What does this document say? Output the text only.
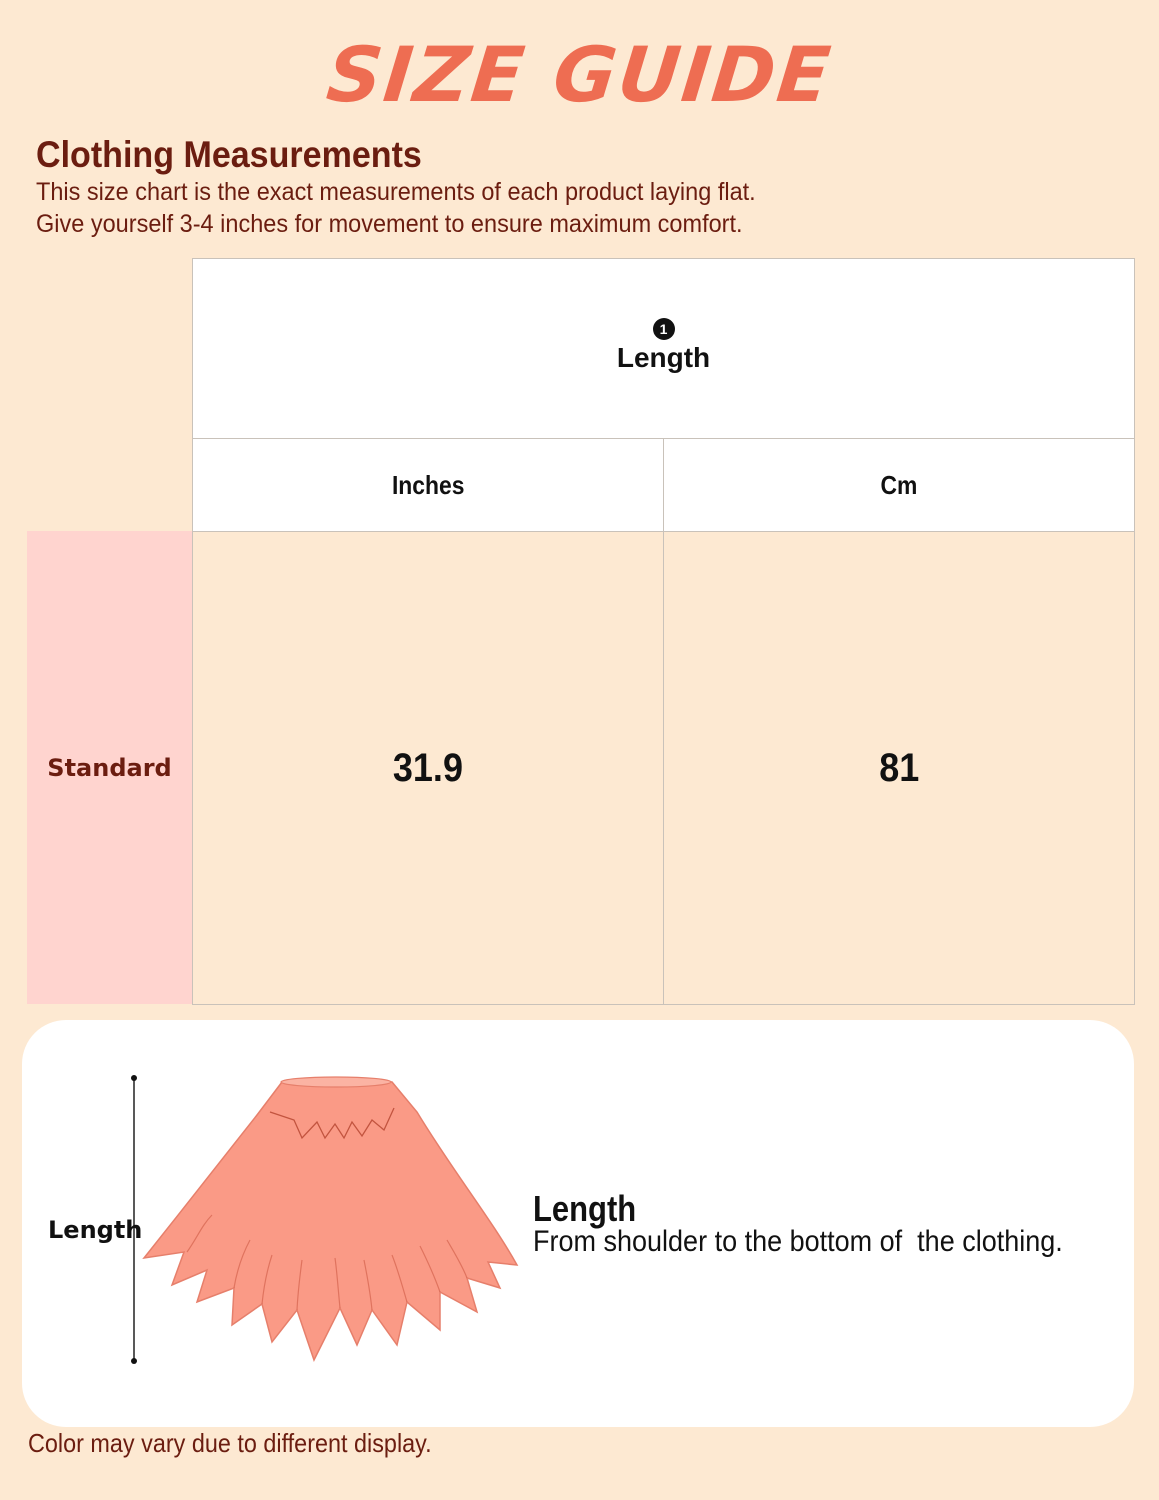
SIZE GUIDE
Clothing Measurements
This size chart is the exact measurements of each product laying flat.
Give yourself 3-4 inches for movement to ensure maximum comfort.
1
Length
Inches	Cm
Standard	31.9	81
Length
Length
From shoulder to the bottom of  the clothing.
Color may vary due to different display.
